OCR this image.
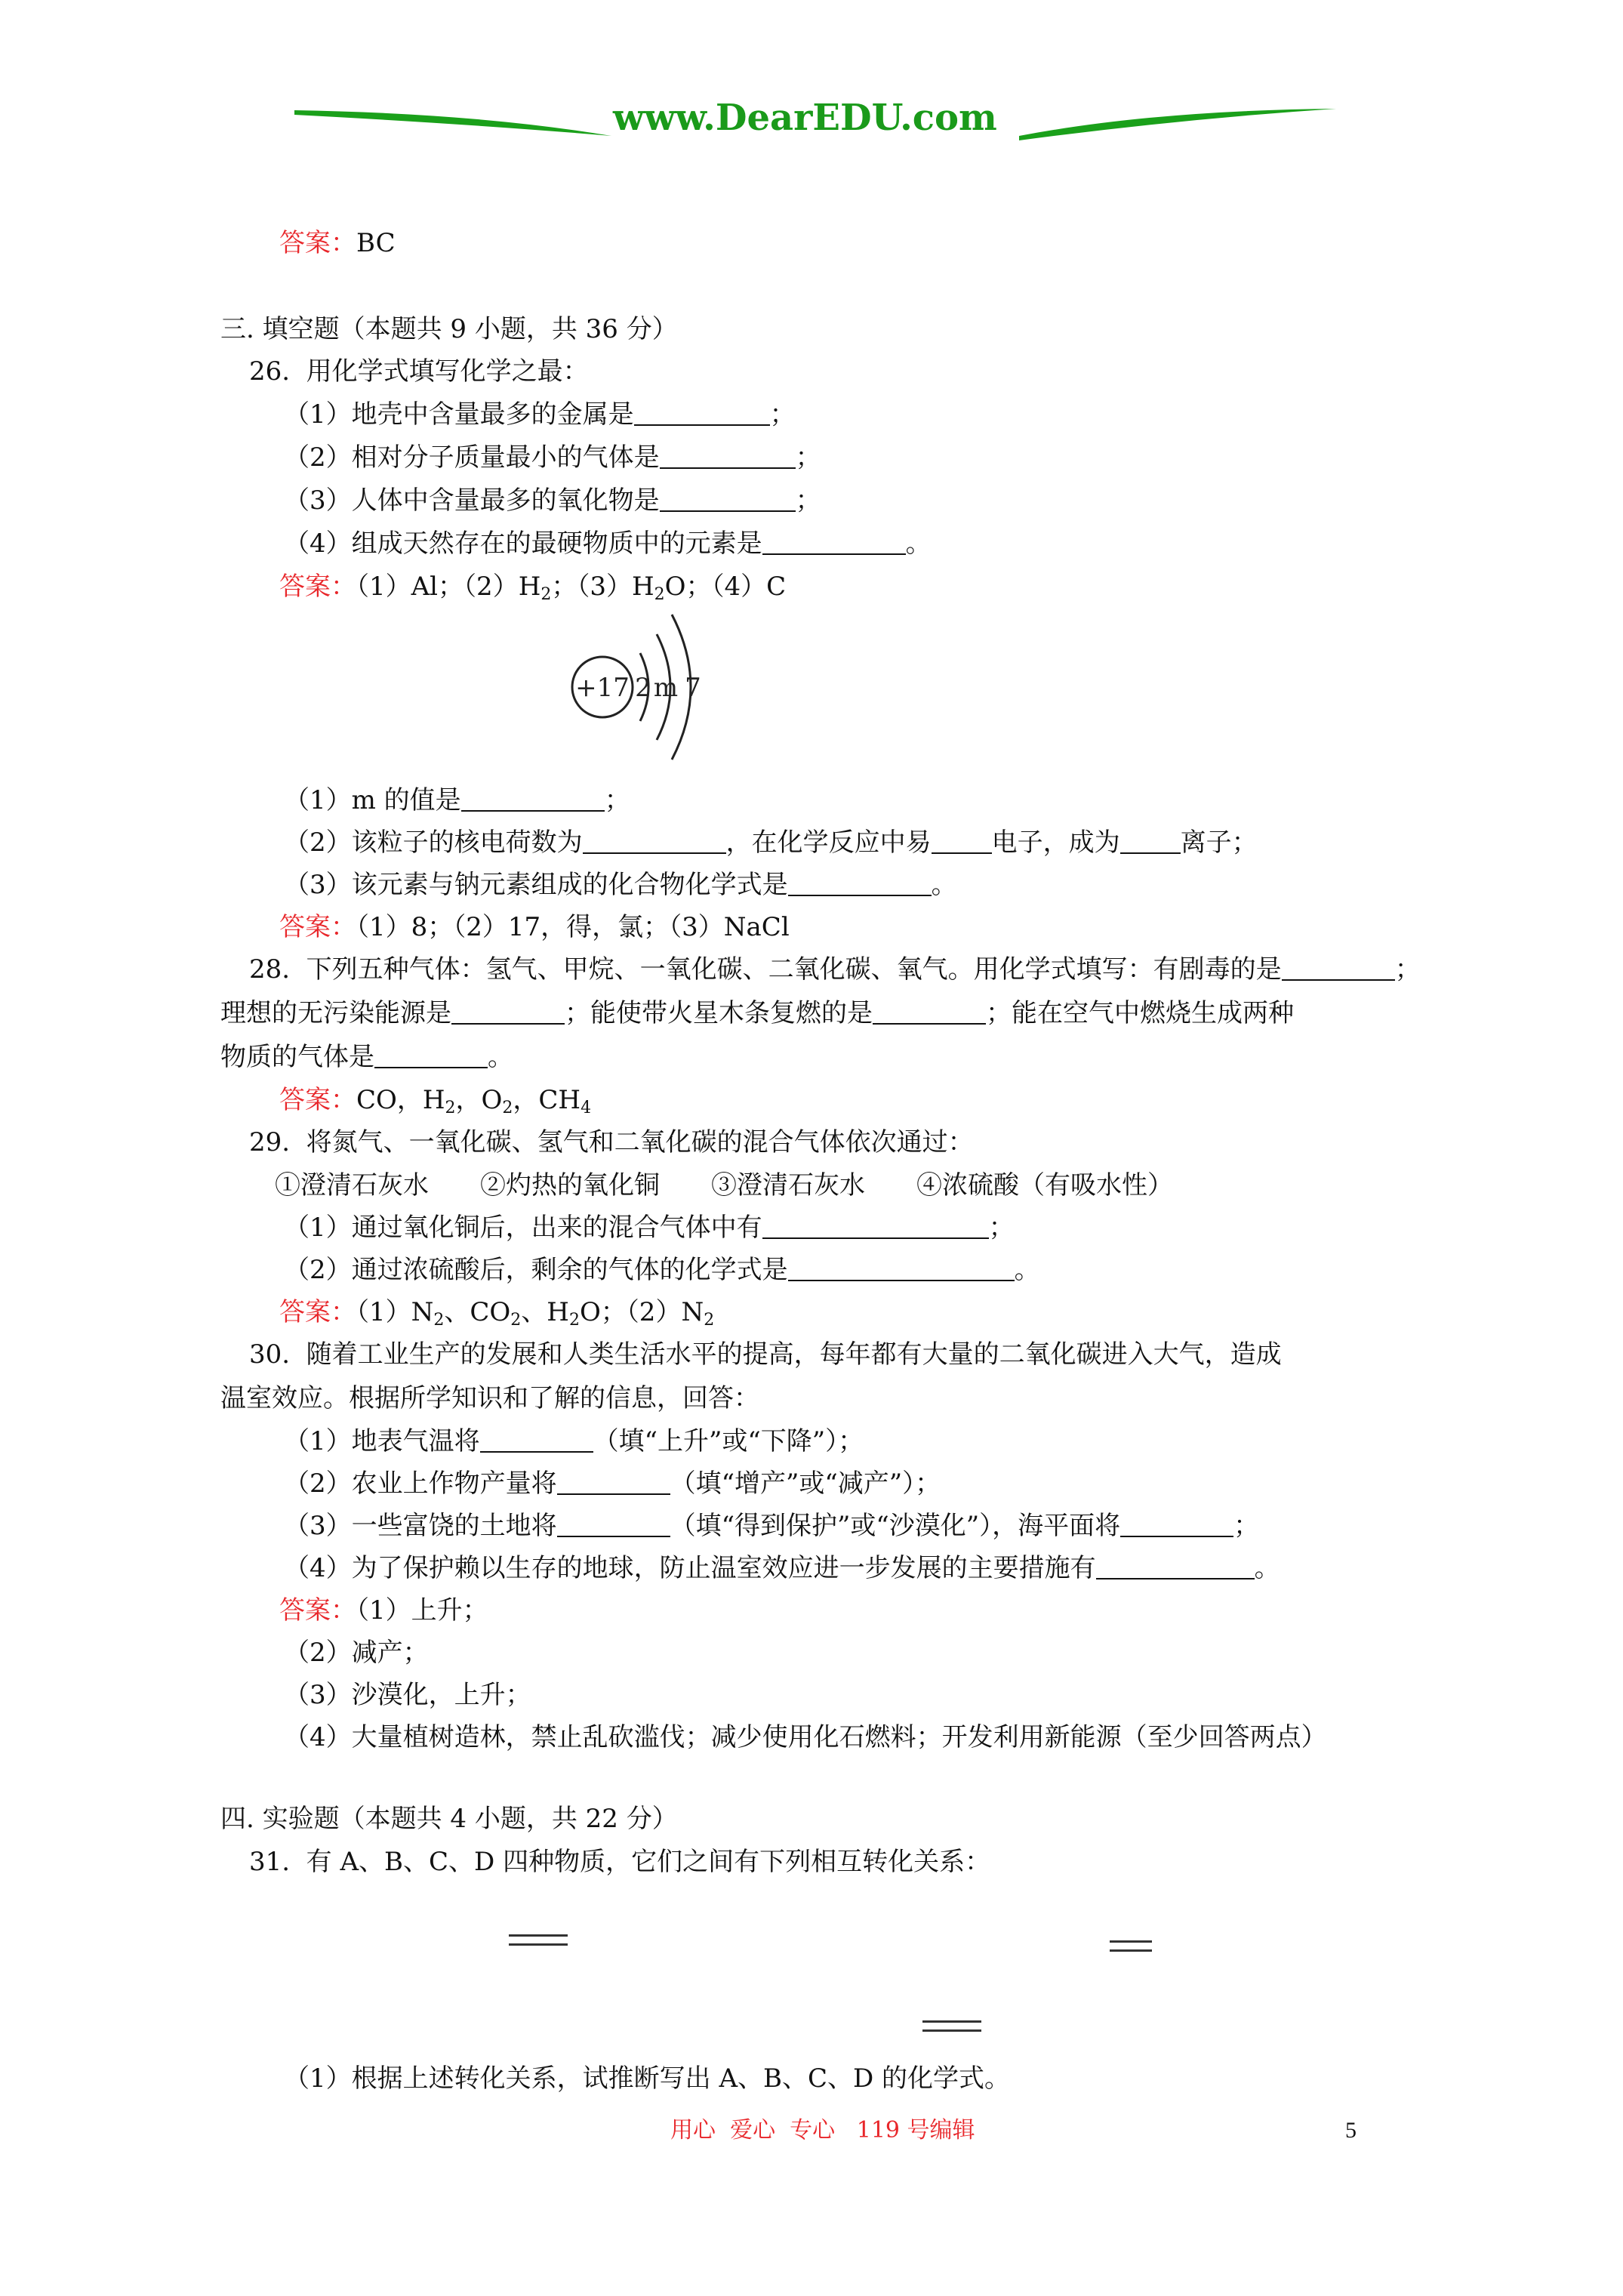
www.DearEDU.com
答案：BC
三. 填空题（本题共 9 小题，共 36 分）
26.  用化学式填写化学之最：
（1）地壳中含量最多的金属是	；
（2）相对分子质量最小的气体是	；
（3）人体中含量最多的氧化物是	；
（4）组成天然存在的最硬物质中的元素是	。
答案：（1）Al；$(2)H_2$；$(3)H_2O$；（4）C
+17 2 m 7
（1）m 的值是	；
（2）该粒子的核电荷数为	，在化学反应中易 电子，成为 离子；
（3）该元素与钠元素组成的化合物化学式是	。
答案：（1）8；（2）17，得，氯；（3）NaCl
28.  下列五种气体：氢气、甲烷、一氧化碳、二氧化碳、氧气。用化学式填写：有剧毒的是	；
理想的无污染能源是	；能使带火星木条复燃的是	；能在空气中燃烧生成两种
物质的气体是	。
答案：CO，$H_2$，$O_2$，$CH_4$
29.  将氮气、一氧化碳、氢气和二氧化碳的混合气体依次通过：
①澄清石灰水 ②灼热的氧化铜 ③澄清石灰水 ④浓硫酸（有吸水性）
（1）通过氧化铜后，出来的混合气体中有	；
（2）通过浓硫酸后，剩余的气体的化学式是	。
答案：$(1)N_2$、$CO_2$、$H_2O$；$(2)N_2$
30.  随着工业生产的发展和人类生活水平的提高，每年都有大量的二氧化碳进入大气，造成
温室效应。根据所学知识和了解的信息，回答：
（1）地表气温将	（填“上升”或“下降”）；
（2）农业上作物产量将	（填“增产”或“减产”）；
（3）一些富饶的土地将	（填“得到保护”或“沙漠化”），海平面将	；
（4）为了保护赖以生存的地球，防止温室效应进一步发展的主要措施有	。
答案：（1）上升；
（2）减产；
（3）沙漠化，上升；
（4）大量植树造林，禁止乱砍滥伐；减少使用化石燃料；开发利用新能源（至少回答两点）
四. 实验题（本题共 4 小题，共 22 分）
31.  有 A、B、C、D 四种物质，它们之间有下列相互转化关系：
（1）根据上述转化关系，试推断写出 A、B、C、D 的化学式。
用心  爱心  专心   119 号编辑	5
